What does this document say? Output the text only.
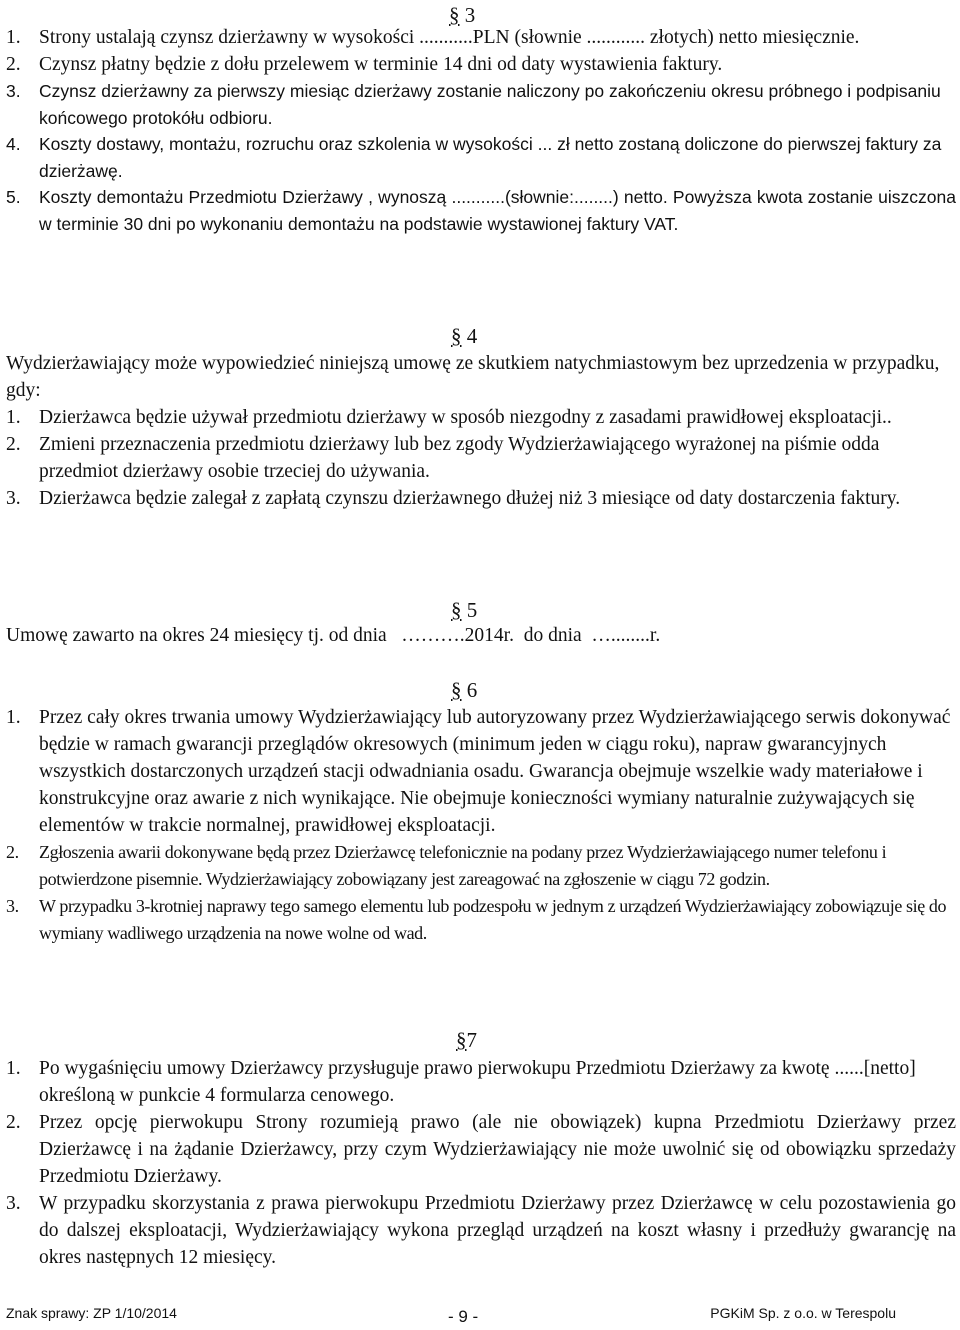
§ 3
1. Strony ustalają czynsz dzierżawny w wysokości ...........PLN (słownie ............ złotych) netto miesięcznie.
2. Czynsz płatny będzie z dołu przelewem w terminie 14 dni od daty wystawienia faktury.
3. Czynsz dzierżawny za pierwszy miesiąc dzierżawy zostanie naliczony po zakończeniu okresu próbnego i podpisaniu końcowego protokółu odbioru.
4. Koszty dostawy, montażu, rozruchu oraz szkolenia w wysokości ... zł netto zostaną doliczone do pierwszej faktury za dzierżawę.
5. Koszty demontażu Przedmiotu Dzierżawy , wynoszą ...........(słownie:........) netto. Powyższa kwota zostanie uiszczona w terminie 30 dni po wykonaniu demontażu na podstawie wystawionej faktury VAT.
§ 4
Wydzierżawiający może wypowiedzieć niniejszą umowę ze skutkiem natychmiastowym bez uprzedzenia w przypadku, gdy:
1. Dzierżawca będzie używał przedmiotu dzierżawy w sposób niezgodny z zasadami prawidłowej eksploatacji..
2. Zmieni przeznaczenia przedmiotu dzierżawy lub bez zgody Wydzierżawiającego wyrażonej na piśmie odda przedmiot dzierżawy osobie trzeciej do używania.
3. Dzierżawca będzie zalegał z zapłatą czynszu dzierżawnego dłużej niż 3 miesiące od daty dostarczenia faktury.
§ 5
Umowę zawarto na okres 24 miesięcy tj. od dnia   ……….2014r.  do dnia  …........r.
§ 6
1. Przez cały okres trwania umowy Wydzierżawiający lub autoryzowany przez Wydzierżawiającego serwis dokonywać będzie w ramach gwarancji przeglądów okresowych (minimum jeden w ciągu roku), napraw gwarancyjnych wszystkich dostarczonych urządzeń stacji odwadniania osadu. Gwarancja obejmuje wszelkie wady materiałowe i konstrukcyjne oraz awarie z nich wynikające. Nie obejmuje konieczności wymiany naturalnie zużywających się elementów w trakcie normalnej, prawidłowej eksploatacji.
2. Zgłoszenia awarii dokonywane będą przez Dzierżawcę telefonicznie na podany przez Wydzierżawiającego numer telefonu i potwierdzone pisemnie. Wydzierżawiający zobowiązany jest zareagować na zgłoszenie w ciągu 72 godzin.
3. W przypadku 3-krotniej naprawy tego samego elementu lub podzespołu w jednym z urządzeń Wydzierżawiający zobowiązuje się do wymiany wadliwego urządzenia na nowe wolne od wad.
§7
1. Po wygaśnięciu umowy Dzierżawcy przysługuje prawo pierwokupu Przedmiotu Dzierżawy za kwotę ......[netto] określoną w punkcie 4 formularza cenowego.
2. Przez opcję pierwokupu Strony rozumieją prawo (ale nie obowiązek) kupna Przedmiotu Dzierżawy przez Dzierżawcę i na żądanie Dzierżawcy, przy czym Wydzierżawiający nie może uwolnić się od obowiązku sprzedaży Przedmiotu Dzierżawy.
3. W przypadku skorzystania z prawa pierwokupu Przedmiotu Dzierżawy przez Dzierżawcę w celu pozostawienia go do dalszej eksploatacji, Wydzierżawiający wykona przegląd urządzeń na koszt własny i przedłuży gwarancję na okres następnych 12 miesięcy.
Znak sprawy: ZP 1/10/2014	- 9 -	PGKiM Sp. z o.o. w Terespolu
